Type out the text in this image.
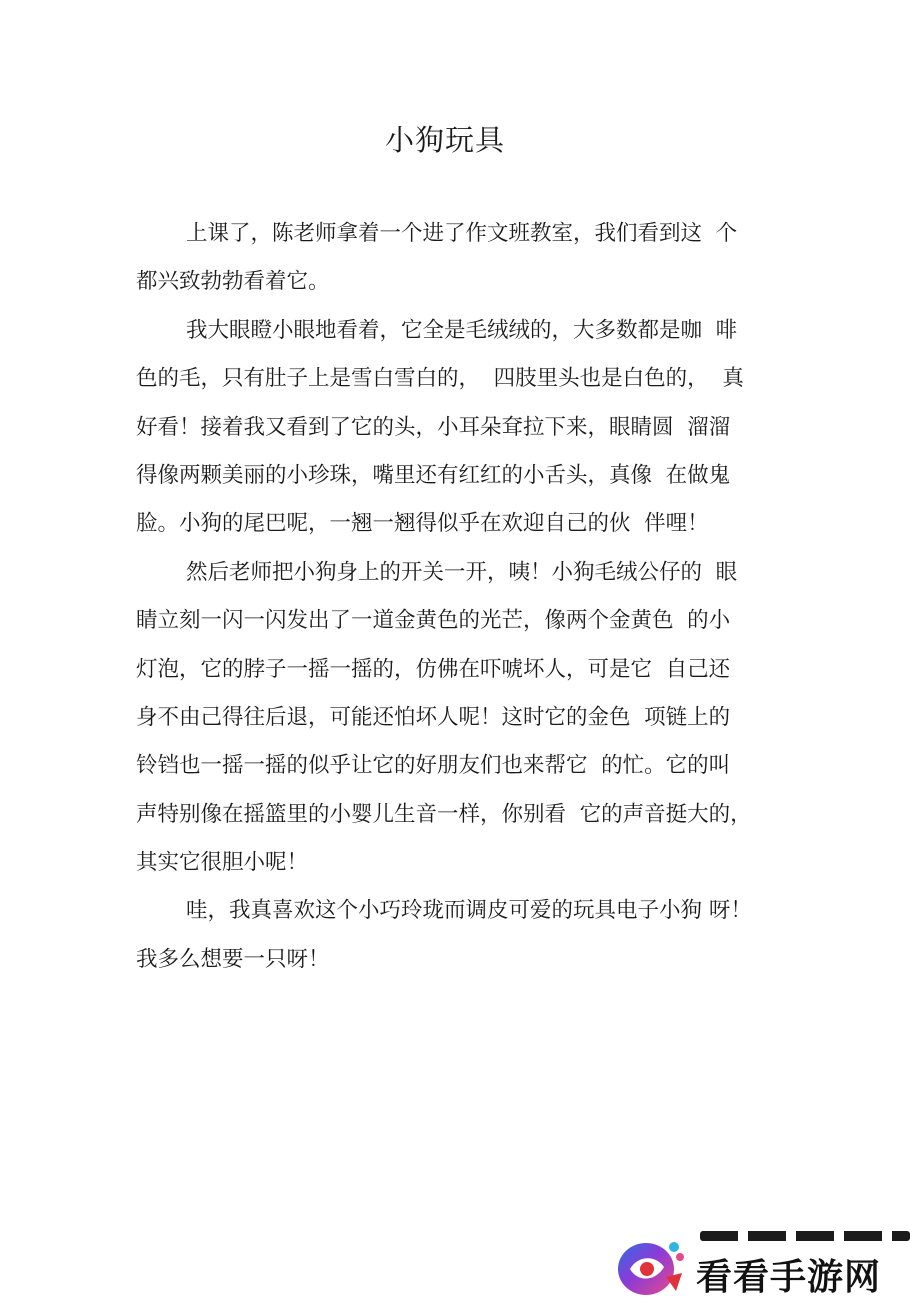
小狗玩具
上课了，陈老师拿着一个进了作文班教室，我们看到这  个
都兴致勃勃看着它。
我大眼瞪小眼地看着，它全是毛绒绒的，大多数都是咖  啡
色的毛，只有肚子上是雪白雪白的，  四肢里头也是白色的，  真
好看！接着我又看到了它的头，小耳朵耷拉下来，眼睛圆  溜溜
得像两颗美丽的小珍珠，嘴里还有红红的小舌头，真像  在做鬼
脸。小狗的尾巴呢，一翘一翘得似乎在欢迎自己的伙  伴哩！
然后老师把小狗身上的开关一开，咦！小狗毛绒公仔的  眼
睛立刻一闪一闪发出了一道金黄色的光芒，像两个金黄色  的小
灯泡，它的脖子一摇一摇的，仿佛在吓唬坏人，可是它  自己还
身不由己得往后退，可能还怕坏人呢！这时它的金色  项链上的
铃铛也一摇一摇的似乎让它的好朋友们也来帮它  的忙。它的叫
声特别像在摇篮里的小婴儿生音一样，你别看  它的声音挺大的，
其实它很胆小呢！
哇，我真喜欢这个小巧玲珑而调皮可爱的玩具电子小狗 呀！
我多么想要一只呀！
看看手游网
